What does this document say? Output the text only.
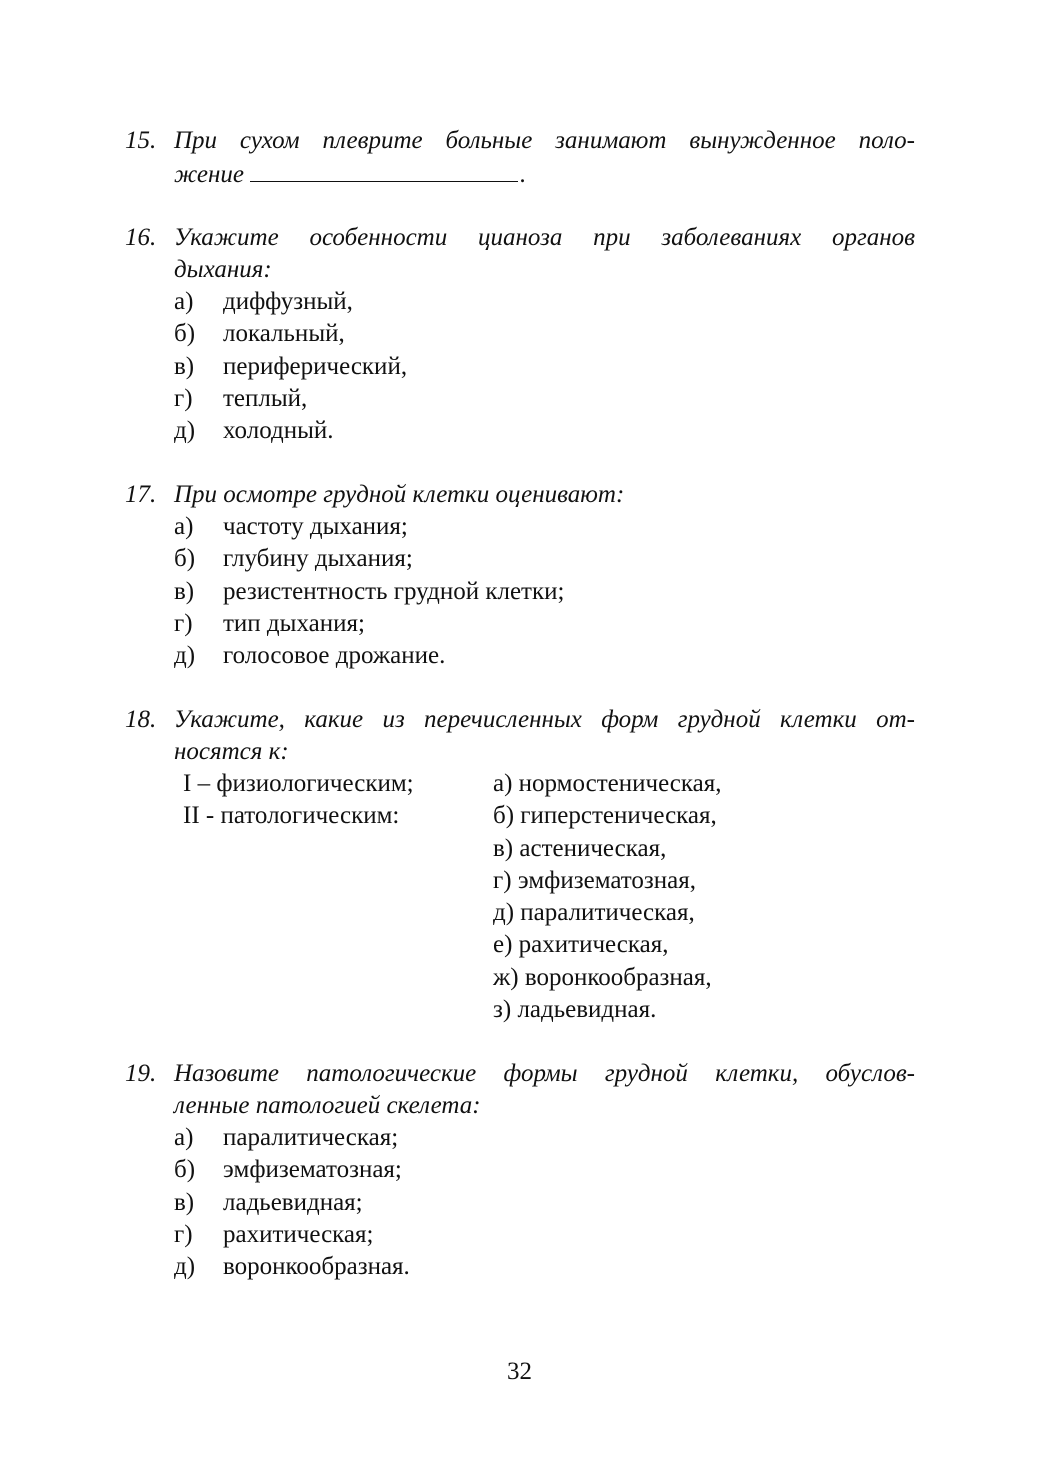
15. При сухом плеврите больные занимают вынужденное поло-
жение	.
16. Укажите особенности цианоза при заболеваниях органов
дыхания:
а) диффузный,
б) локальный,
в) периферический,
г) теплый,
д) холодный.
17. При осмотре грудной клетки оценивают:
а) частоту дыхания;
б) глубину дыхания;
в) резистентность грудной клетки;
г) тип дыхания;
д) голосовое дрожание.
18. Укажите, какие из перечисленных форм грудной клетки от-
носятся к:
I – физиологическим;	а) нормостеническая,
II - патологическим:	б) гиперстеническая,
в) астеническая,
г) эмфизематозная,
д) паралитическая,
е) рахитическая,
ж) воронкообразная,
з) ладьевидная.
19. Назовите патологические формы грудной клетки, обуслов-
ленные патологией скелета:
а) паралитическая;
б) эмфизематозная;
в) ладьевидная;
г) рахитическая;
д) воронкообразная.
32
